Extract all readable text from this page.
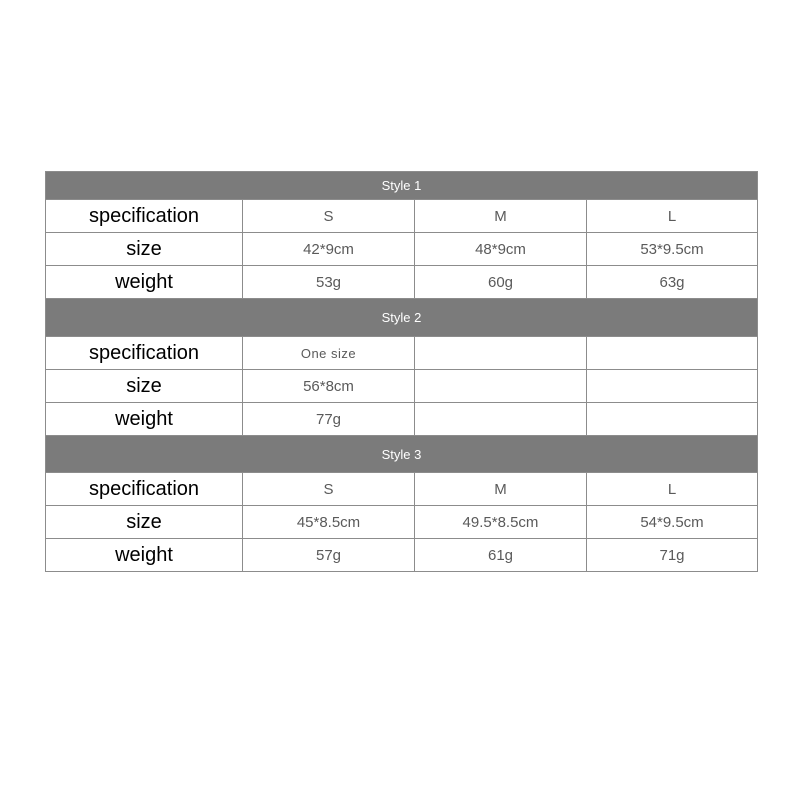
Style 1			
specification	S	M	L
size	42*9cm	48*9cm	53*9.5cm
weight	53g	60g	63g
Style 2			
specification	One size		
size	56*8cm		
weight	77g		
Style 3			
specification	S	M	L
size	45*8.5cm	49.5*8.5cm	54*9.5cm
weight	57g	61g	71g
